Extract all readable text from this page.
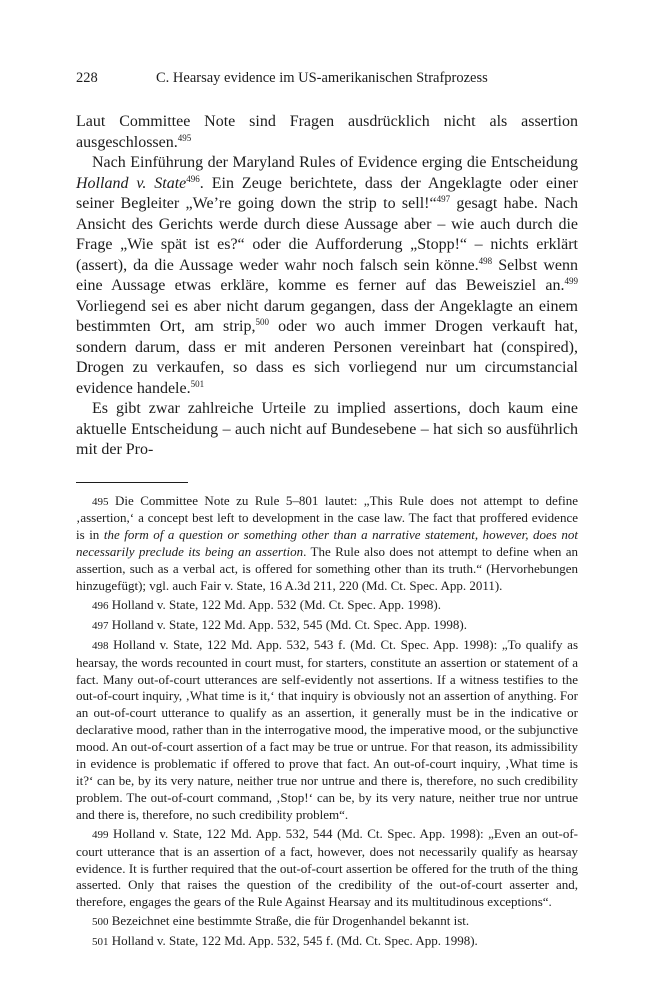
228	C. Hearsay evidence im US-amerikanischen Strafprozess

Laut Committee Note sind Fragen ausdrücklich nicht als assertion ausgeschlossen.$^{495}$

Nach Einführung der Maryland Rules of Evidence erging die Entscheidung Holland v. State$^{496}$. Ein Zeuge berichtete, dass der Angeklagte oder einer seiner Begleiter „We’re going down the strip to sell!“$^{497}$ gesagt habe. Nach Ansicht des Gerichts werde durch diese Aussage aber – wie auch durch die Frage „Wie spät ist es?“ oder die Aufforderung „Stopp!“ – nichts erklärt (assert), da die Aussage weder wahr noch falsch sein könne.$^{498}$ Selbst wenn eine Aussage etwas erkläre, komme es ferner auf das Beweisziel an.$^{499}$ Vorliegend sei es aber nicht darum gegangen, dass der Angeklagte an einem bestimmten Ort, am strip,$^{500}$ oder wo auch immer Drogen verkauft hat, sondern darum, dass er mit anderen Personen vereinbart hat (conspired), Drogen zu verkaufen, so dass es sich vorliegend nur um circumstancial evidence handele.$^{501}$

Es gibt zwar zahlreiche Urteile zu implied assertions, doch kaum eine aktuelle Entscheidung – auch nicht auf Bundesebene – hat sich so ausführlich mit der Pro-

495 Die Committee Note zu Rule 5–801 lautet: „This Rule does not attempt to define ‚assertion,‘ a concept best left to development in the case law. The fact that proffered evidence is in the form of a question or something other than a narrative statement, however, does not necessarily preclude its being an assertion. The Rule also does not attempt to define when an assertion, such as a verbal act, is offered for something other than its truth.“ (Hervorhebungen hinzugefügt); vgl. auch Fair v. State, 16 A.3d 211, 220 (Md. Ct. Spec. App. 2011).

496 Holland v. State, 122 Md. App. 532 (Md. Ct. Spec. App. 1998).

497 Holland v. State, 122 Md. App. 532, 545 (Md. Ct. Spec. App. 1998).

498 Holland v. State, 122 Md. App. 532, 543 f. (Md. Ct. Spec. App. 1998): „To qualify as hearsay, the words recounted in court must, for starters, constitute an assertion or statement of a fact. Many out-of-court utterances are self-evidently not assertions. If a witness testifies to the out-of-court inquiry, ‚What time is it,‘ that inquiry is obviously not an assertion of anything. For an out-of-court utterance to qualify as an assertion, it generally must be in the indicative or declarative mood, rather than in the interrogative mood, the imperative mood, or the subjunctive mood. An out-of-court assertion of a fact may be true or untrue. For that reason, its admissibility in evidence is problematic if offered to prove that fact. An out-of-court inquiry, ‚What time is it?‘ can be, by its very nature, neither true nor untrue and there is, therefore, no such credibility problem. The out-of-court command, ‚Stop!‘ can be, by its very nature, neither true nor untrue and there is, therefore, no such credibility problem“.

499 Holland v. State, 122 Md. App. 532, 544 (Md. Ct. Spec. App. 1998): „Even an out-of-court utterance that is an assertion of a fact, however, does not necessarily qualify as hearsay evidence. It is further required that the out-of-court assertion be offered for the truth of the thing asserted. Only that raises the question of the credibility of the out-of-court asserter and, therefore, engages the gears of the Rule Against Hearsay and its multitudinous exceptions“.

500 Bezeichnet eine bestimmte Straße, die für Drogenhandel bekannt ist.

501 Holland v. State, 122 Md. App. 532, 545 f. (Md. Ct. Spec. App. 1998).
